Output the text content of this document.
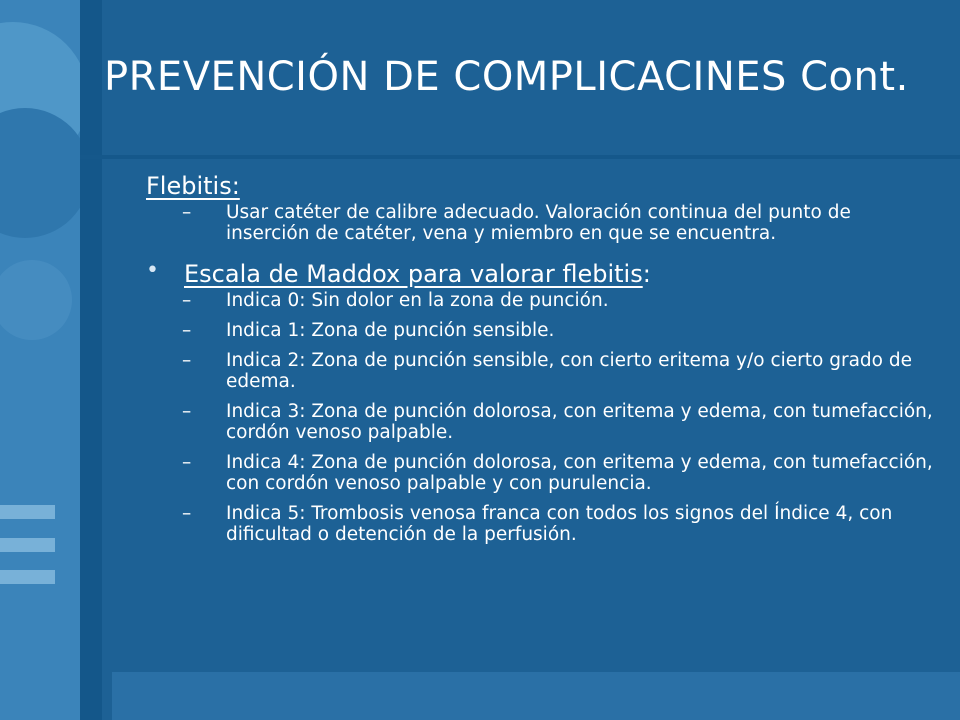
PREVENCIÓN DE COMPLICACINES Cont.

Flebitis:

– Usar catéter de calibre adecuado. Valoración continua del punto de inserción de catéter, vena y miembro en que se encuentra.
• Escala de Maddox para valorar flebitis:
– Indica 0: Sin dolor en la zona de punción.
– Indica 1: Zona de punción sensible.
– Indica 2: Zona de punción sensible, con cierto eritema y/o cierto grado de edema.
– Indica 3: Zona de punción dolorosa, con eritema y edema, con tumefacción, cordón venoso palpable.
– Indica 4: Zona de punción dolorosa, con eritema y edema, con tumefacción, con cordón venoso palpable y con purulencia.
– Indica 5: Trombosis venosa franca con todos los signos del Índice 4, con dificultad o detención de la perfusión.
